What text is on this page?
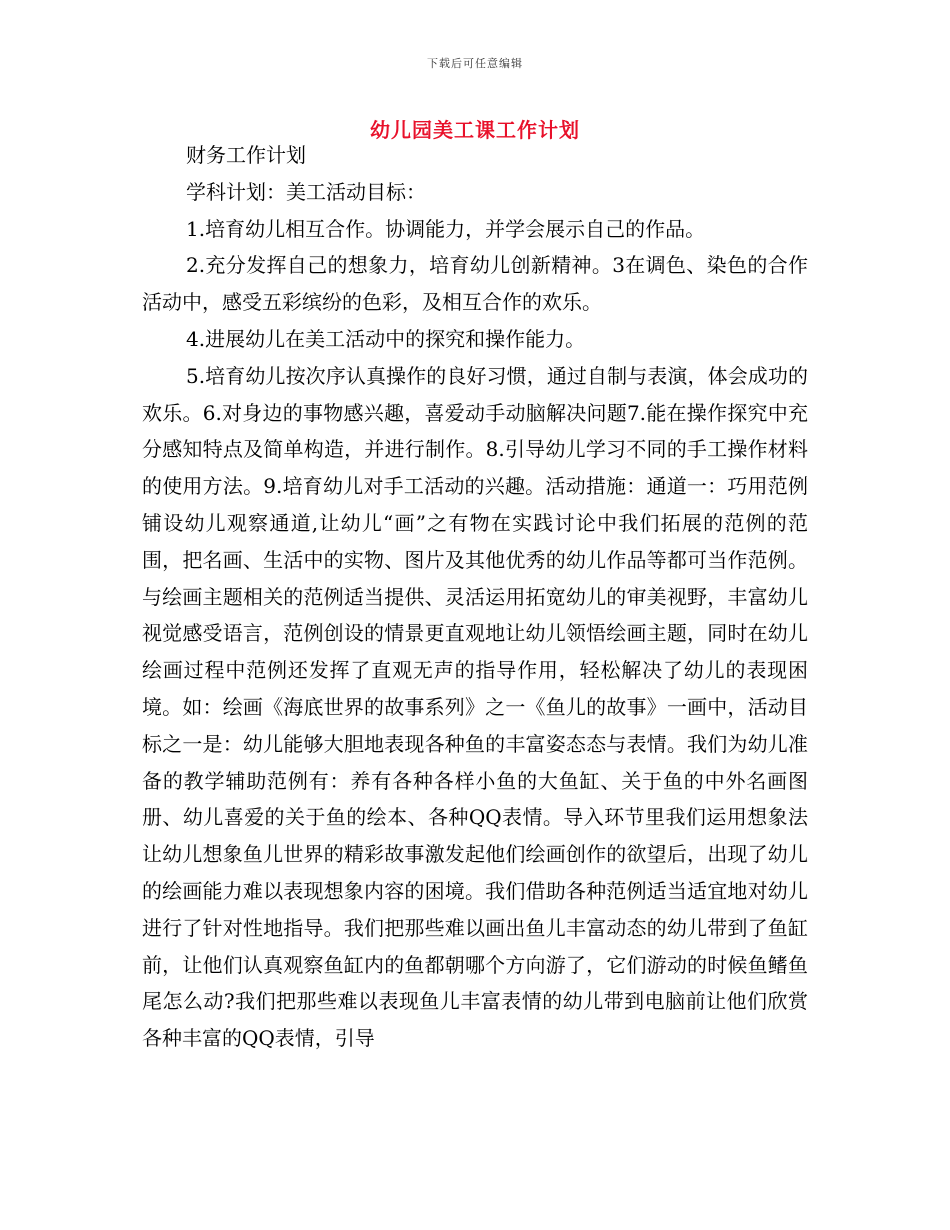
下载后可任意编辑
幼儿园美工课工作计划

财务工作计划

学科计划：美工活动目标：

1.培育幼儿相互合作。协调能力，并学会展示自己的作品。

2.充分发挥自己的想象力，培育幼儿创新精神。3在调色、染色的合作活动中，感受五彩缤纷的色彩，及相互合作的欢乐。

4.进展幼儿在美工活动中的探究和操作能力。

5.培育幼儿按次序认真操作的良好习惯，通过自制与表演，体会成功的欢乐。6.对身边的事物感兴趣，喜爱动手动脑解决问题7.能在操作探究中充分感知特点及简单构造，并进行制作。8.引导幼儿学习不同的手工操作材料的使用方法。9.培育幼儿对手工活动的兴趣。活动措施：通道一：巧用范例铺设幼儿观察通道,让幼儿“画”之有物在实践讨论中我们拓展的范例的范围，把名画、生活中的实物、图片及其他优秀的幼儿作品等都可当作范例。与绘画主题相关的范例适当提供、灵活运用拓宽幼儿的审美视野，丰富幼儿视觉感受语言，范例创设的情景更直观地让幼儿领悟绘画主题，同时在幼儿绘画过程中范例还发挥了直观无声的指导作用，轻松解决了幼儿的表现困境。如：绘画《海底世界的故事系列》之一《鱼儿的故事》一画中，活动目标之一是：幼儿能够大胆地表现各种鱼的丰富姿态态与表情。我们为幼儿准备的教学辅助范例有：养有各种各样小鱼的大鱼缸、关于鱼的中外名画图册、幼儿喜爱的关于鱼的绘本、各种QQ表情。导入环节里我们运用想象法让幼儿想象鱼儿世界的精彩故事激发起他们绘画创作的欲望后，出现了幼儿的绘画能力难以表现想象内容的困境。我们借助各种范例适当适宜地对幼儿进行了针对性地指导。我们把那些难以画出鱼儿丰富动态的幼儿带到了鱼缸前，让他们认真观察鱼缸内的鱼都朝哪个方向游了，它们游动的时候鱼鳍鱼尾怎么动?我们把那些难以表现鱼儿丰富表情的幼儿带到电脑前让他们欣赏各种丰富的QQ表情，引导
